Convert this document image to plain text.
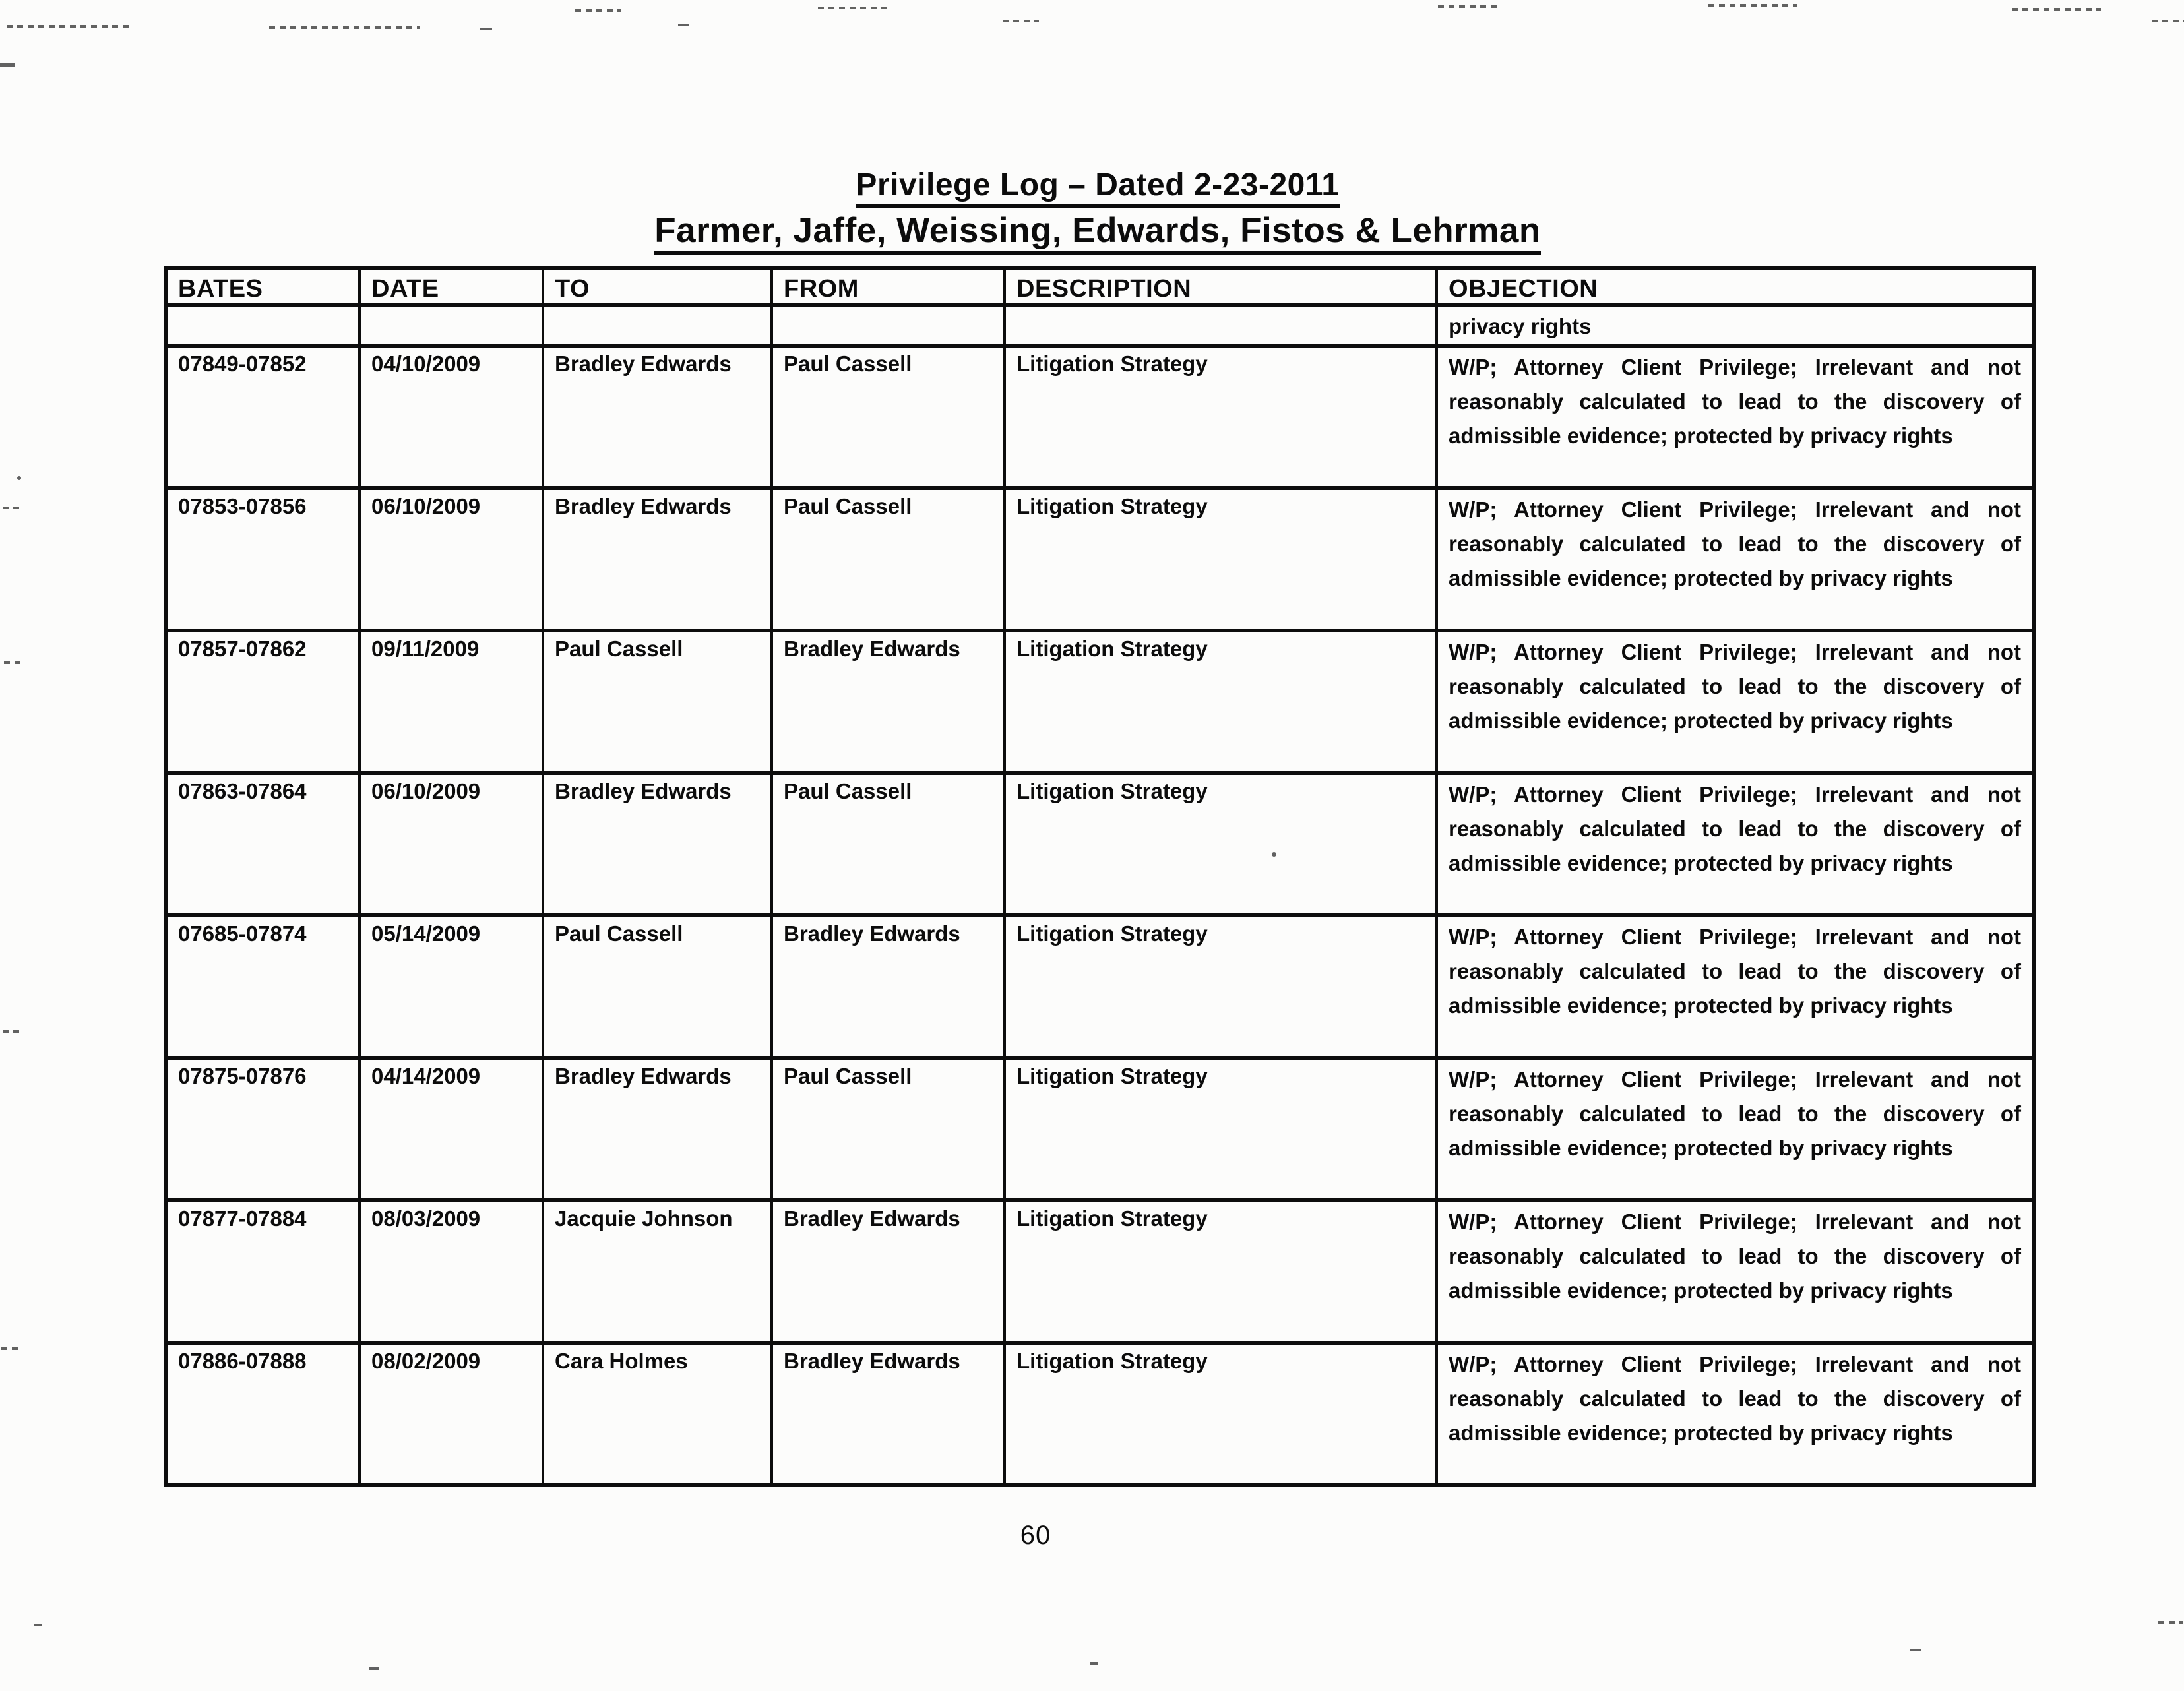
Privilege Log – Dated 2-23-2011
Farmer, Jaffe, Weissing, Edwards, Fistos & Lehrman
BATES	DATE	TO	FROM	DESCRIPTION	OBJECTION
					privacy rights
07849-07852	04/10/2009	Bradley Edwards	Paul Cassell	Litigation Strategy	W/P; Attorney Client Privilege; Irrelevant and not reasonably calculated to lead to the discovery of admissible evidence; protected by privacy rights
07853-07856	06/10/2009	Bradley Edwards	Paul Cassell	Litigation Strategy	W/P; Attorney Client Privilege; Irrelevant and not reasonably calculated to lead to the discovery of admissible evidence; protected by privacy rights
07857-07862	09/11/2009	Paul Cassell	Bradley Edwards	Litigation Strategy	W/P; Attorney Client Privilege; Irrelevant and not reasonably calculated to lead to the discovery of admissible evidence; protected by privacy rights
07863-07864	06/10/2009	Bradley Edwards	Paul Cassell	Litigation Strategy	W/P; Attorney Client Privilege; Irrelevant and not reasonably calculated to lead to the discovery of admissible evidence; protected by privacy rights
07685-07874	05/14/2009	Paul Cassell	Bradley Edwards	Litigation Strategy	W/P; Attorney Client Privilege; Irrelevant and not reasonably calculated to lead to the discovery of admissible evidence; protected by privacy rights
07875-07876	04/14/2009	Bradley Edwards	Paul Cassell	Litigation Strategy	W/P; Attorney Client Privilege; Irrelevant and not reasonably calculated to lead to the discovery of admissible evidence; protected by privacy rights
07877-07884	08/03/2009	Jacquie Johnson	Bradley Edwards	Litigation Strategy	W/P; Attorney Client Privilege; Irrelevant and not reasonably calculated to lead to the discovery of admissible evidence; protected by privacy rights
07886-07888	08/02/2009	Cara Holmes	Bradley Edwards	Litigation Strategy	W/P; Attorney Client Privilege; Irrelevant and not reasonably calculated to lead to the discovery of admissible evidence; protected by privacy rights
60
